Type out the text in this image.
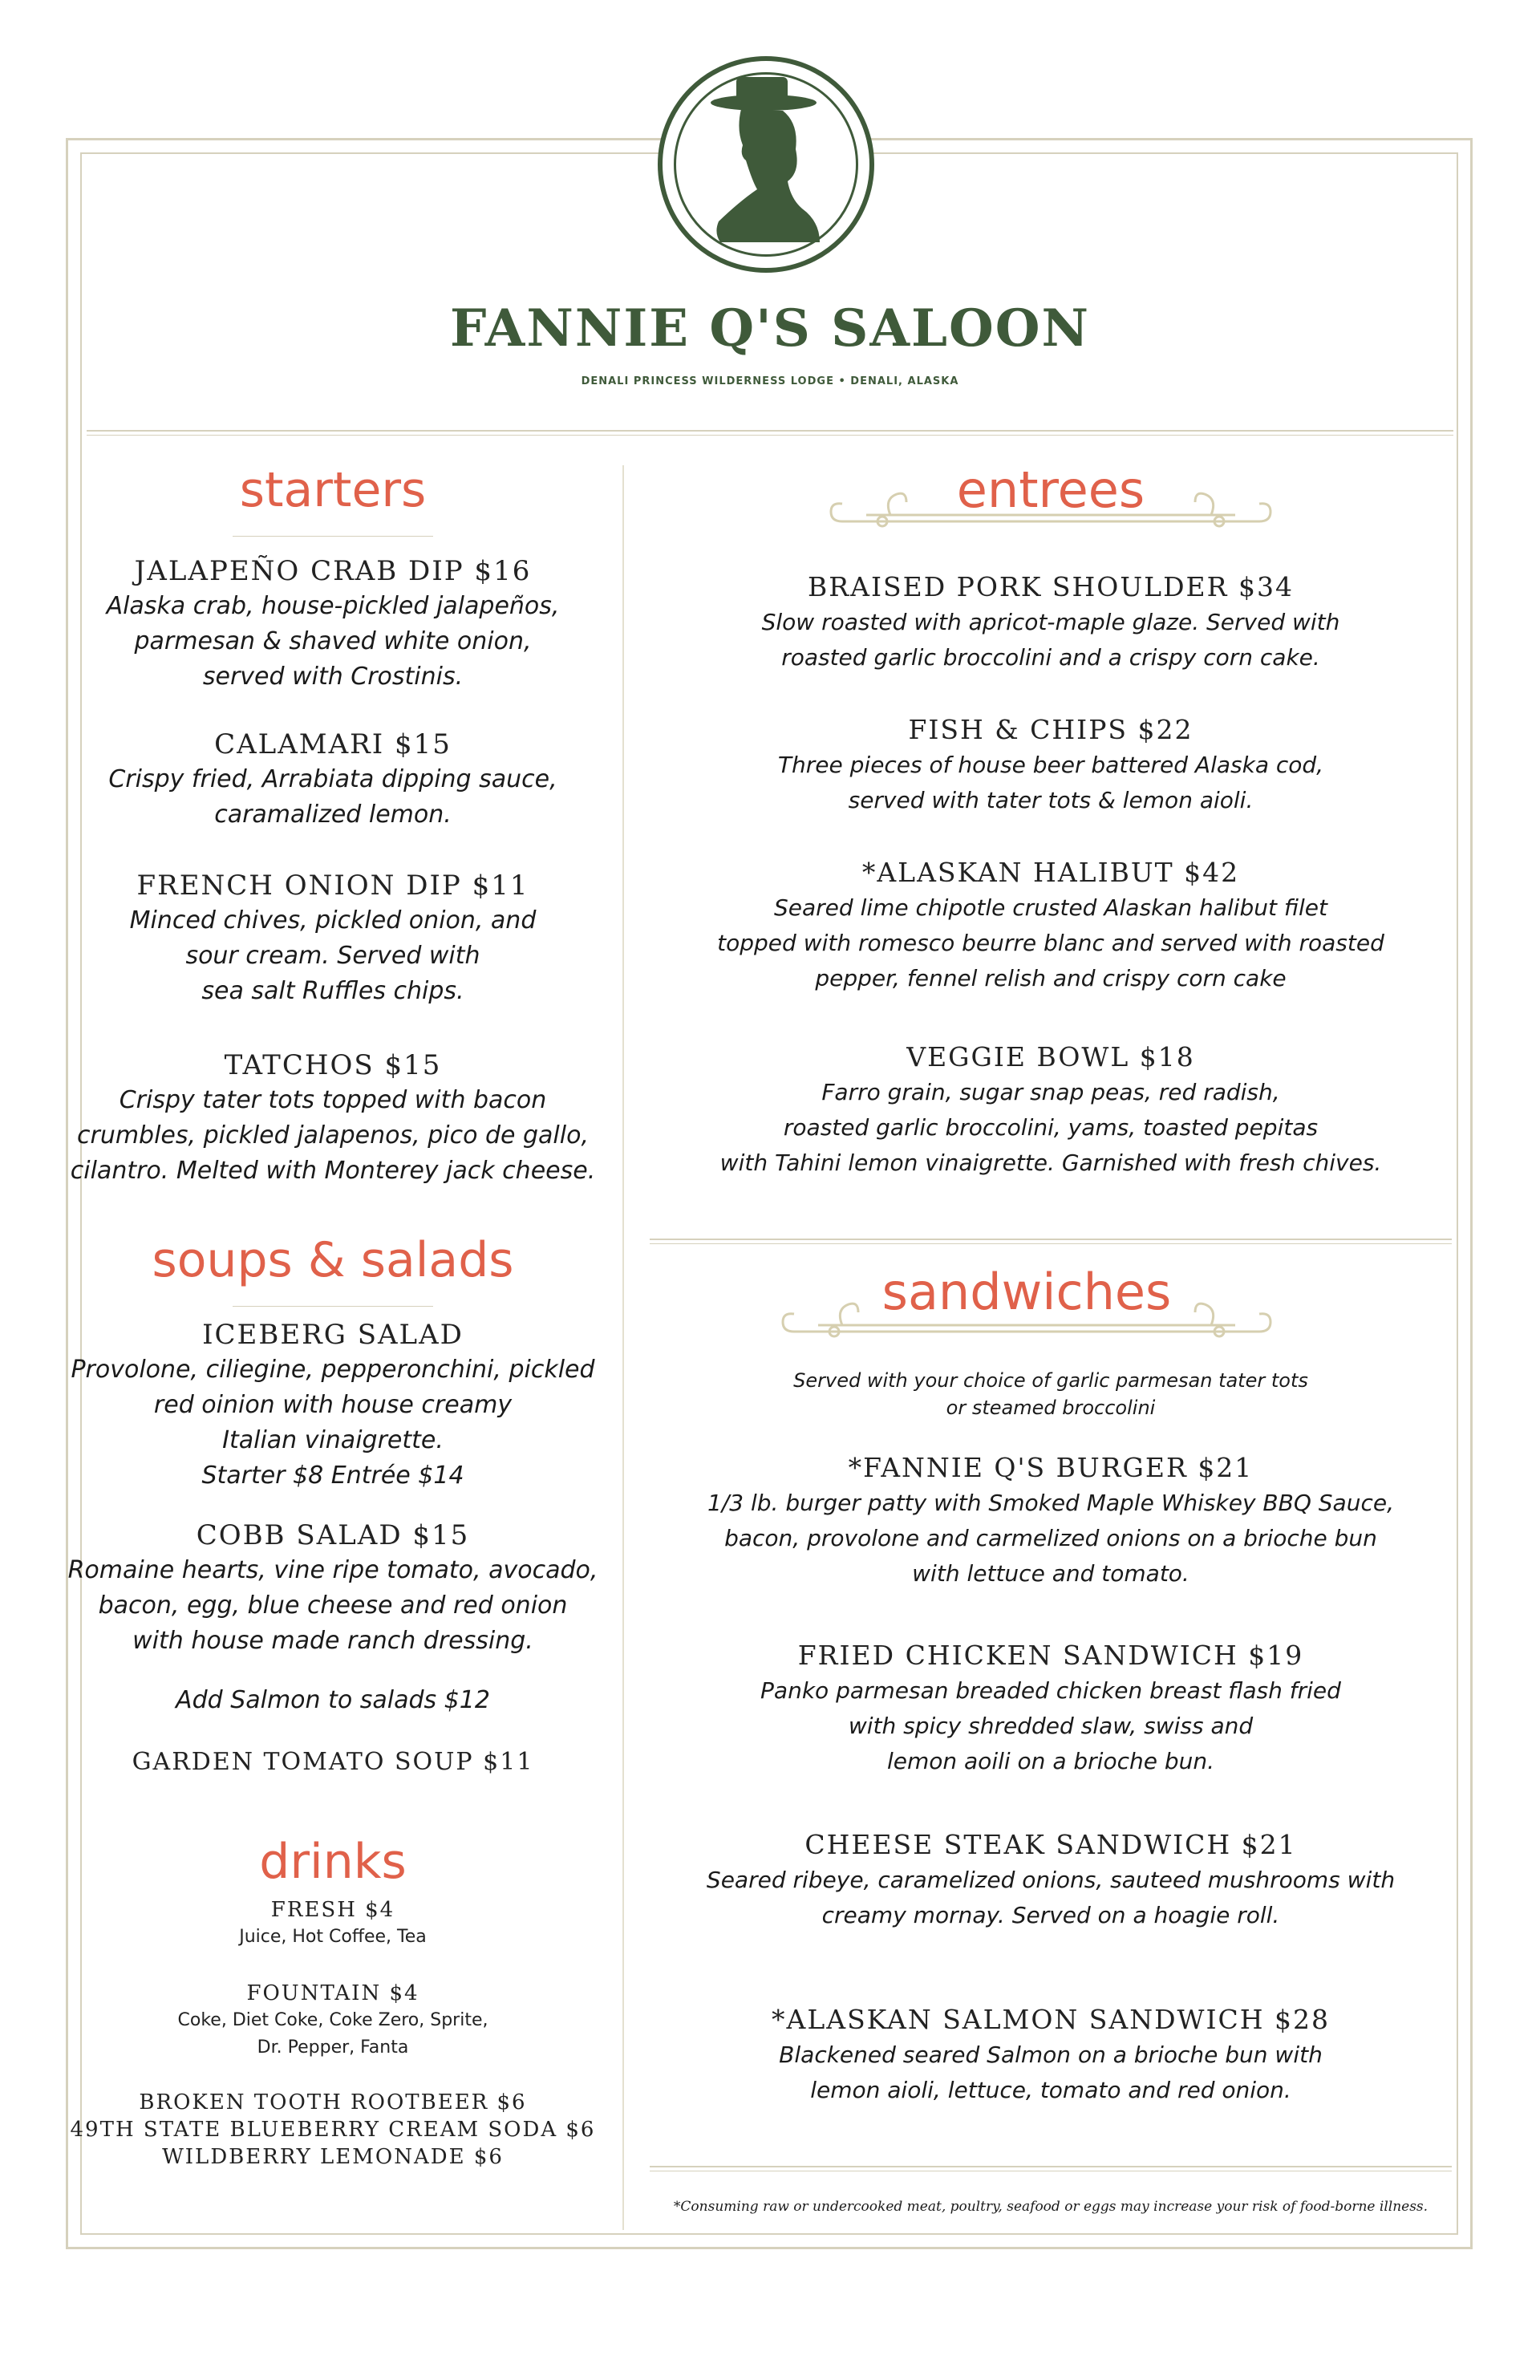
FANNIE Q'S SALOON
DENALI PRINCESS WILDERNESS LODGE • DENALI, ALASKA
starters
JALAPEÑO CRAB DIP $16
Alaska crab, house-pickled jalapeños,
parmesan & shaved white onion,
served with Crostinis.
CALAMARI $15
Crispy fried, Arrabiata dipping sauce,
caramalized lemon.
FRENCH ONION DIP $11
Minced chives, pickled onion, and
sour cream. Served with
sea salt Ruffles chips.
TATCHOS $15
Crispy tater tots topped with bacon
crumbles, pickled jalapenos, pico de gallo,
cilantro. Melted with Monterey jack cheese.
soups & salads
ICEBERG SALAD
Provolone, ciliegine, pepperonchini, pickled
red oinion with house creamy
Italian vinaigrette.
Starter $8 Entrée $14
COBB SALAD $15
Romaine hearts, vine ripe tomato, avocado,
bacon, egg, blue cheese and red onion
with house made ranch dressing.
Add Salmon to salads $12
GARDEN TOMATO SOUP $11
drinks
FRESH $4
Juice, Hot Coffee, Tea
FOUNTAIN $4
Coke, Diet Coke, Coke Zero, Sprite,
Dr. Pepper, Fanta
BROKEN TOOTH ROOTBEER $6
49TH STATE BLUEBERRY CREAM SODA $6
WILDBERRY LEMONADE $6
entrees
BRAISED PORK SHOULDER $34
Slow roasted with apricot-maple glaze. Served with
roasted garlic broccolini and a crispy corn cake.
FISH & CHIPS $22
Three pieces of house beer battered Alaska cod,
served with tater tots & lemon aioli.
*ALASKAN HALIBUT $42
Seared lime chipotle crusted Alaskan halibut filet
topped with romesco beurre blanc and served with roasted
pepper, fennel relish and crispy corn cake
VEGGIE BOWL $18
Farro grain, sugar snap peas, red radish,
roasted garlic broccolini, yams, toasted pepitas
with Tahini lemon vinaigrette. Garnished with fresh chives.
sandwiches
Served with your choice of garlic parmesan tater tots
or steamed broccolini
*FANNIE Q'S BURGER $21
1/3 lb. burger patty with Smoked Maple Whiskey BBQ Sauce,
bacon, provolone and carmelized onions on a brioche bun
with lettuce and tomato.
FRIED CHICKEN SANDWICH $19
Panko parmesan breaded chicken breast flash fried
with spicy shredded slaw, swiss and
lemon aoili on a brioche bun.
CHEESE STEAK SANDWICH $21
Seared ribeye, caramelized onions, sauteed mushrooms with
creamy mornay. Served on a hoagie roll.
*ALASKAN SALMON SANDWICH $28
Blackened seared Salmon on a brioche bun with
lemon aioli, lettuce, tomato and red onion.
*Consuming raw or undercooked meat, poultry, seafood or eggs may increase your risk of food-borne illness.
